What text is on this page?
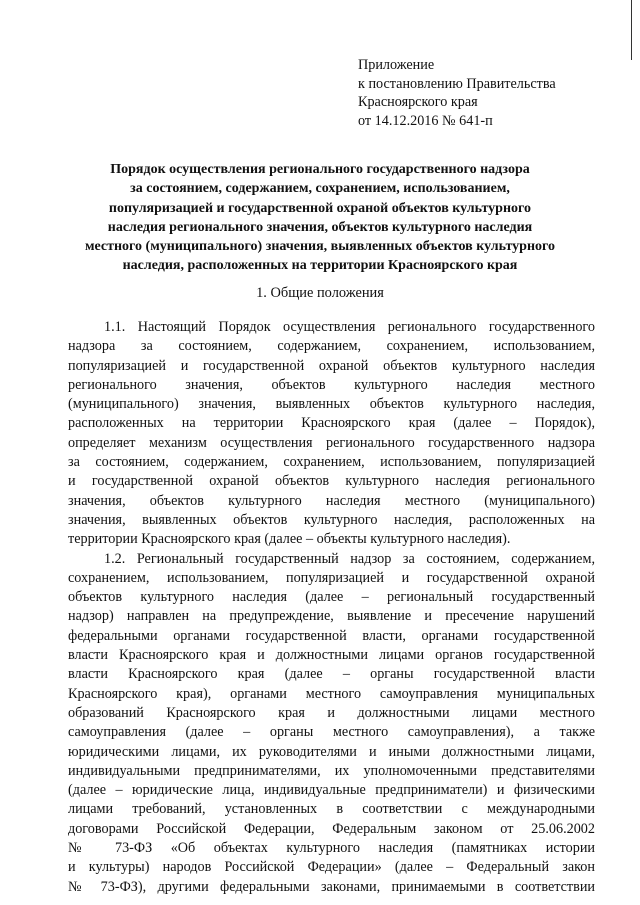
Приложение
к постановлению Правительства
Красноярского края
от 14.12.2016 № 641-п
Порядок осуществления регионального государственного надзора
за состоянием, содержанием, сохранением, использованием,
популяризацией и государственной охраной объектов культурного
наследия регионального значения, объектов культурного наследия
местного (муниципального) значения, выявленных объектов культурного
наследия, расположенных на территории Красноярского края
1. Общие положения
1.1. Настоящий Порядок осуществления регионального государственного
надзора за состоянием, содержанием, сохранением, использованием,
популяризацией и государственной охраной объектов культурного наследия
регионального значения, объектов культурного наследия местного
(муниципального) значения, выявленных объектов культурного наследия,
расположенных на территории Красноярского края (далее – Порядок),
определяет механизм осуществления регионального государственного надзора
за состоянием, содержанием, сохранением, использованием, популяризацией
и государственной охраной объектов культурного наследия регионального
значения, объектов культурного наследия местного (муниципального)
значения, выявленных объектов культурного наследия, расположенных на
территории Красноярского края (далее – объекты культурного наследия).
1.2. Региональный государственный надзор за состоянием, содержанием,
сохранением, использованием, популяризацией и государственной охраной
объектов культурного наследия (далее – региональный государственный
надзор) направлен на предупреждение, выявление и пресечение нарушений
федеральными органами государственной власти, органами государственной
власти Красноярского края и должностными лицами органов государственной
власти Красноярского края (далее – органы государственной власти
Красноярского края), органами местного самоуправления муниципальных
образований Красноярского края и должностными лицами местного
самоуправления (далее – органы местного самоуправления), а также
юридическими лицами, их руководителями и иными должностными лицами,
индивидуальными предпринимателями, их уполномоченными представителями
(далее – юридические лица, индивидуальные предприниматели) и физическими
лицами требований, установленных в соответствии с международными
договорами Российской Федерации, Федеральным законом от 25.06.2002
№ 73-ФЗ «Об объектах культурного наследия (памятниках истории
и культуры) народов Российской Федерации» (далее – Федеральный закон
№ 73-ФЗ), другими федеральными законами, принимаемыми в соответствии
